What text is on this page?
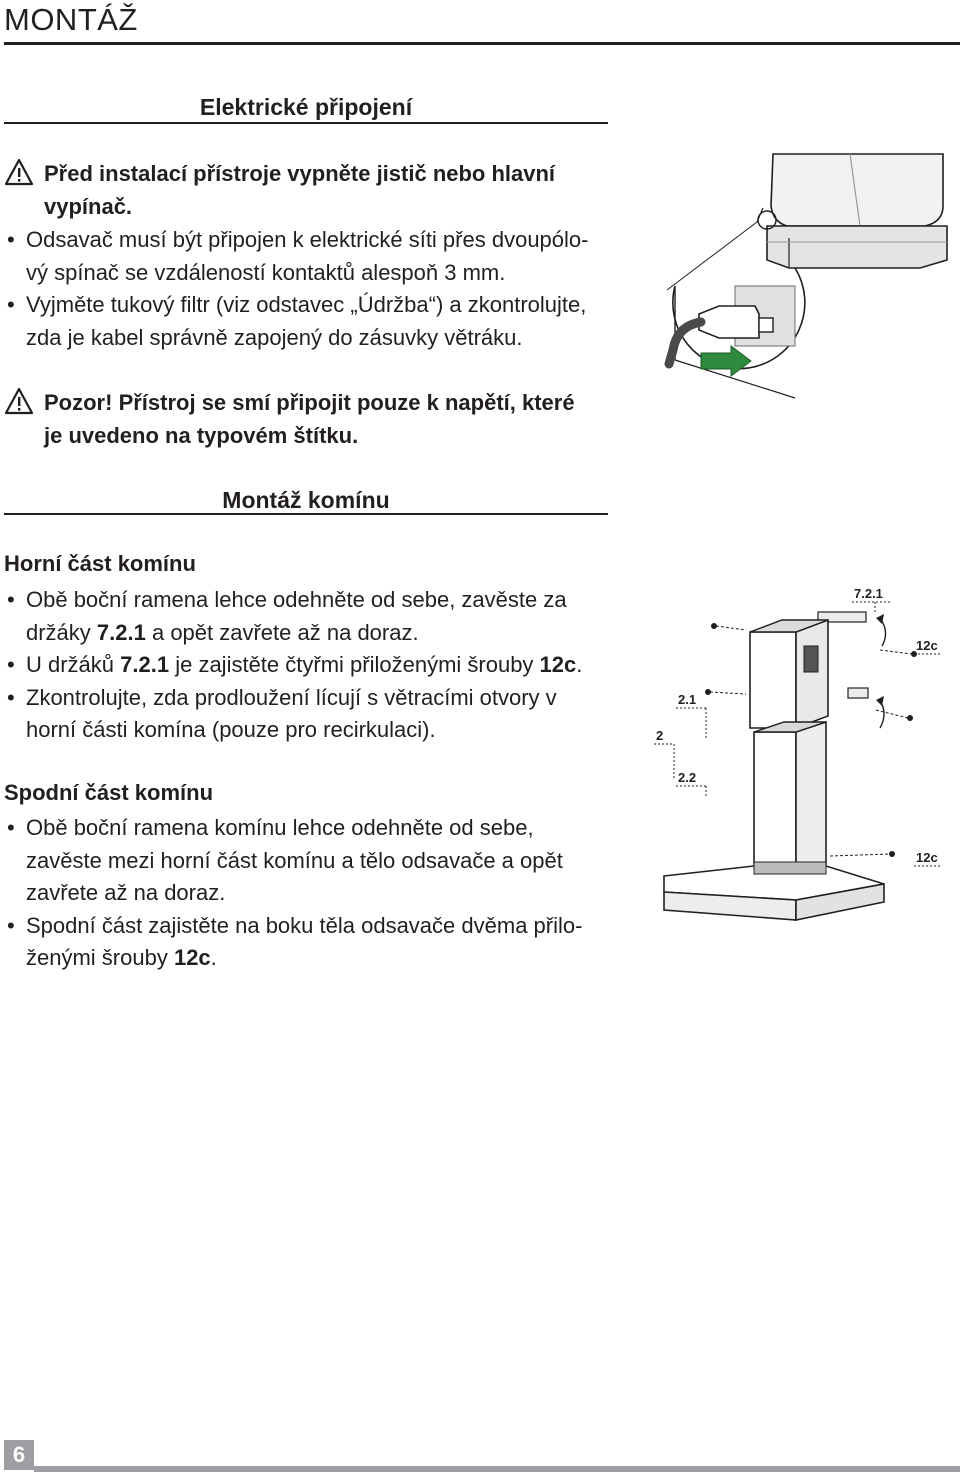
MONTÁŽ
Elektrické připojení
Před instalací přístroje vypněte jistič nebo hlavní vypínač.
• Odsavač musí být připojen k elektrické síti přes dvoupólo-vý spínač se vzdáleností kontaktů alespoň 3 mm.
• Vyjměte tukový filtr (viz odstavec „Údržba“) a zkontrolujte, zda je kabel správně zapojený do zásuvky větráku.
Pozor! Přístroj se smí připojit pouze k napětí, které je uvedeno na typovém štítku.
Montáž komínu
Horní část komínu
• Obě boční ramena lehce odehněte od sebe, zavěste za držáky 7.2.1 a opět zavřete až na doraz.
• U držáků 7.2.1 je zajistěte čtyřmi přiloženými šrouby 12c.
• Zkontrolujte, zda prodloužení lícují s větracími otvory v horní části komína (pouze pro recirkulaci).
Spodní část komínu
• Obě boční ramena komínu lehce odehněte od sebe, zavěste mezi horní část komínu a tělo odsavače a opět zavřete až na doraz.
• Spodní část zajistěte na boku těla odsavače dvěma přilo-ženými šrouby 12c.
7.2.1
12c
2.1
2
2.2
12c
6
